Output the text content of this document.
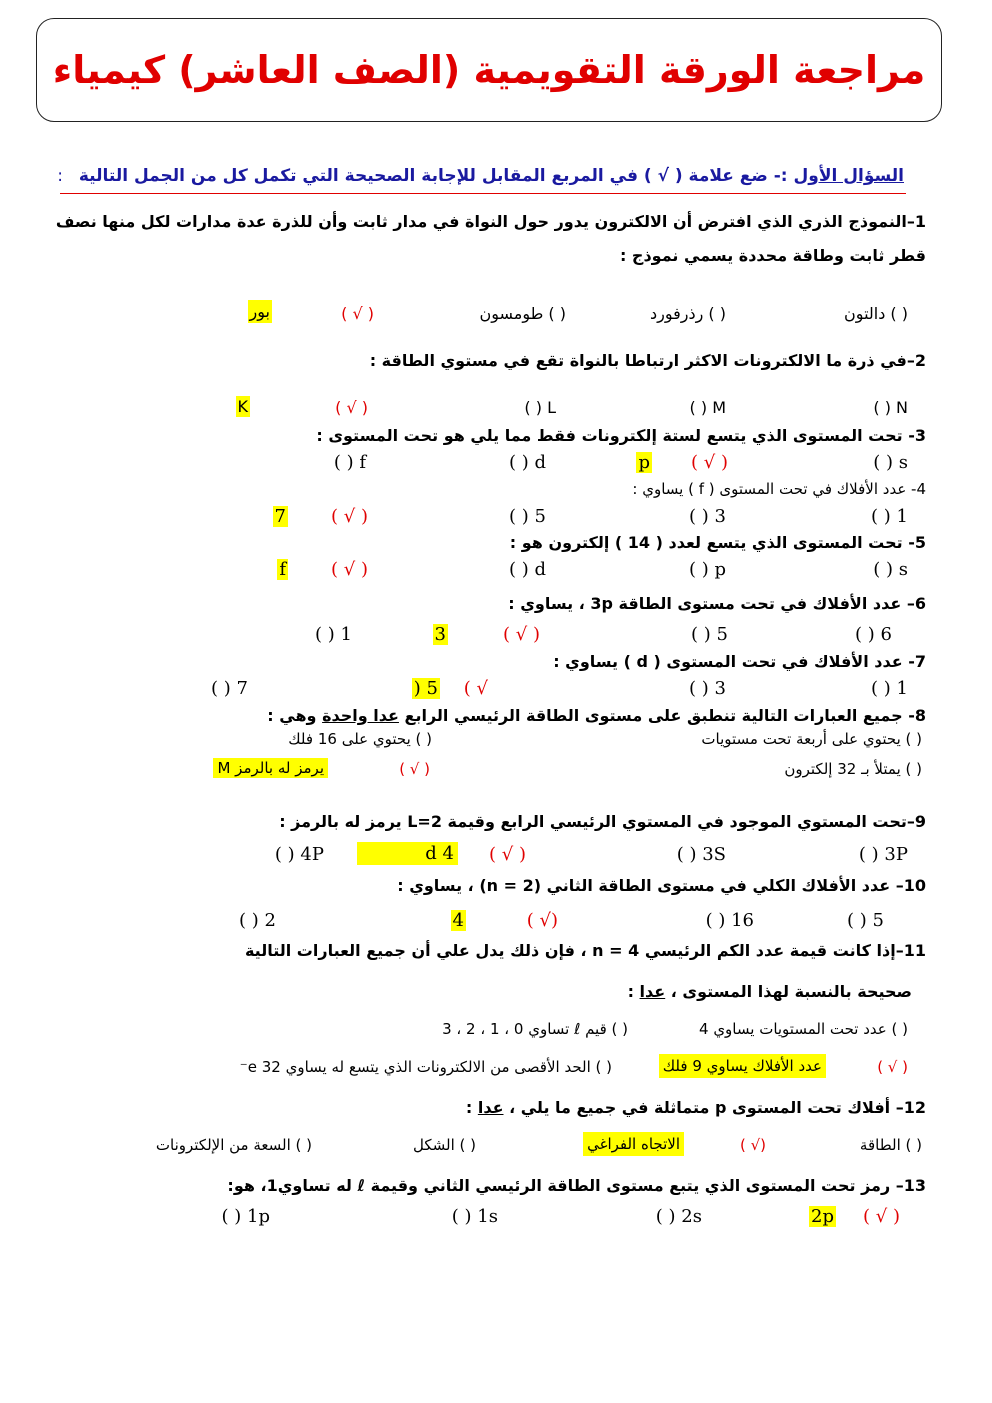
مراجعة الورقة التقويمية (الصف العاشر) كيمياء
السؤال الأول :- ضع علامة ( √ ) في المربع المقابل للإجابة الصحيحة التي تكمل كل من الجمل التالية :
1–النموذج الذري الذي افترض أن الالكترون يدور حول النواة في مدار ثابت وأن للذرة عدة مدارات لكل منها نصف قطر ثابت وطاقة محددة يسمي نموذج :
( ) دالتون
( ) رذرفورد
( ) طومسون
( √ )
بور
2–في ذرة ما الالكترونات الاكثر ارتباطا بالنواة تقع في مستوي الطاقة :
N ( )
M ( )
L ( )
( √ )
K
3- تحت المستوى الذي يتسع لستة إلكترونات فقط مما يلي هو تحت المستوى :
s ( )
( √ )
p
d ( )
f ( )
4- عدد الأفلاك في تحت المستوى ( f ) يساوي :
1 ( )
3 ( )
5 ( )
( √ )
7
5- تحت المستوى الذي يتسع لعدد ( 14 ) إلكترون هو :
s ( )
p ( )
d ( )
( √ )
f
6– عدد الأفلاك في تحت مستوى الطاقة 3p ، يساوي :
6 ( )
5 ( )
( √ )
3
1 ( )
7- عدد الأفلاك في تحت المستوى ( d ) يساوي :
1 ( )
3 ( )
√ )
5 (
7 ( )
8- جميع العبارات التالية تنطبق على مستوى الطاقة الرئيسي الرابع عدا واحدة وهي :
( ) يحتوي على أربعة تحت مستويات
( ) يحتوي على 16 فلك
( ) يمتلأ بـ 32 إلكترون
( √ )
يرمز له بالرمز M
9–تحت المستوي الموجود في المستوي الرئيسي الرابع وقيمة L=2 يرمز له بالرمز :
3P ( )
3S ( )
( √ )
4 d
4P ( )
10– عدد الأفلاك الكلي في مستوى الطاقة الثاني (n = 2) ، يساوي :
5 ( )
16 ( )
(√ )
4
2 ( )
11–إذا كانت قيمة عدد الكم الرئيسي n = 4 ، فإن ذلك يدل علي أن جميع العبارات التالية
صحيحة بالنسبة لهذا المستوى ، عدا :
( ) عدد تحت المستويات يساوي 4
( ) قيم ℓ تساوي 0 ، 1 ، 2 ، 3
( √ )
عدد الأفلاك يساوي 9 فلك
( ) الحد الأقصى من الالكترونات الذي يتسع له يساوي 32 e⁻
12– أفلاك تحت المستوى p متماثلة في جميع ما يلي ، عدا :
( ) الطاقة
(√ )
الاتجاه الفراغي
( ) الشكل
( ) السعة من الإلكترونات
13– رمز تحت المستوى الذي يتبع مستوى الطاقة الرئيسي الثاني وقيمة ℓ له تساوي1، هو:
( √ )
2p
2s ( )
1s ( )
1p ( )
